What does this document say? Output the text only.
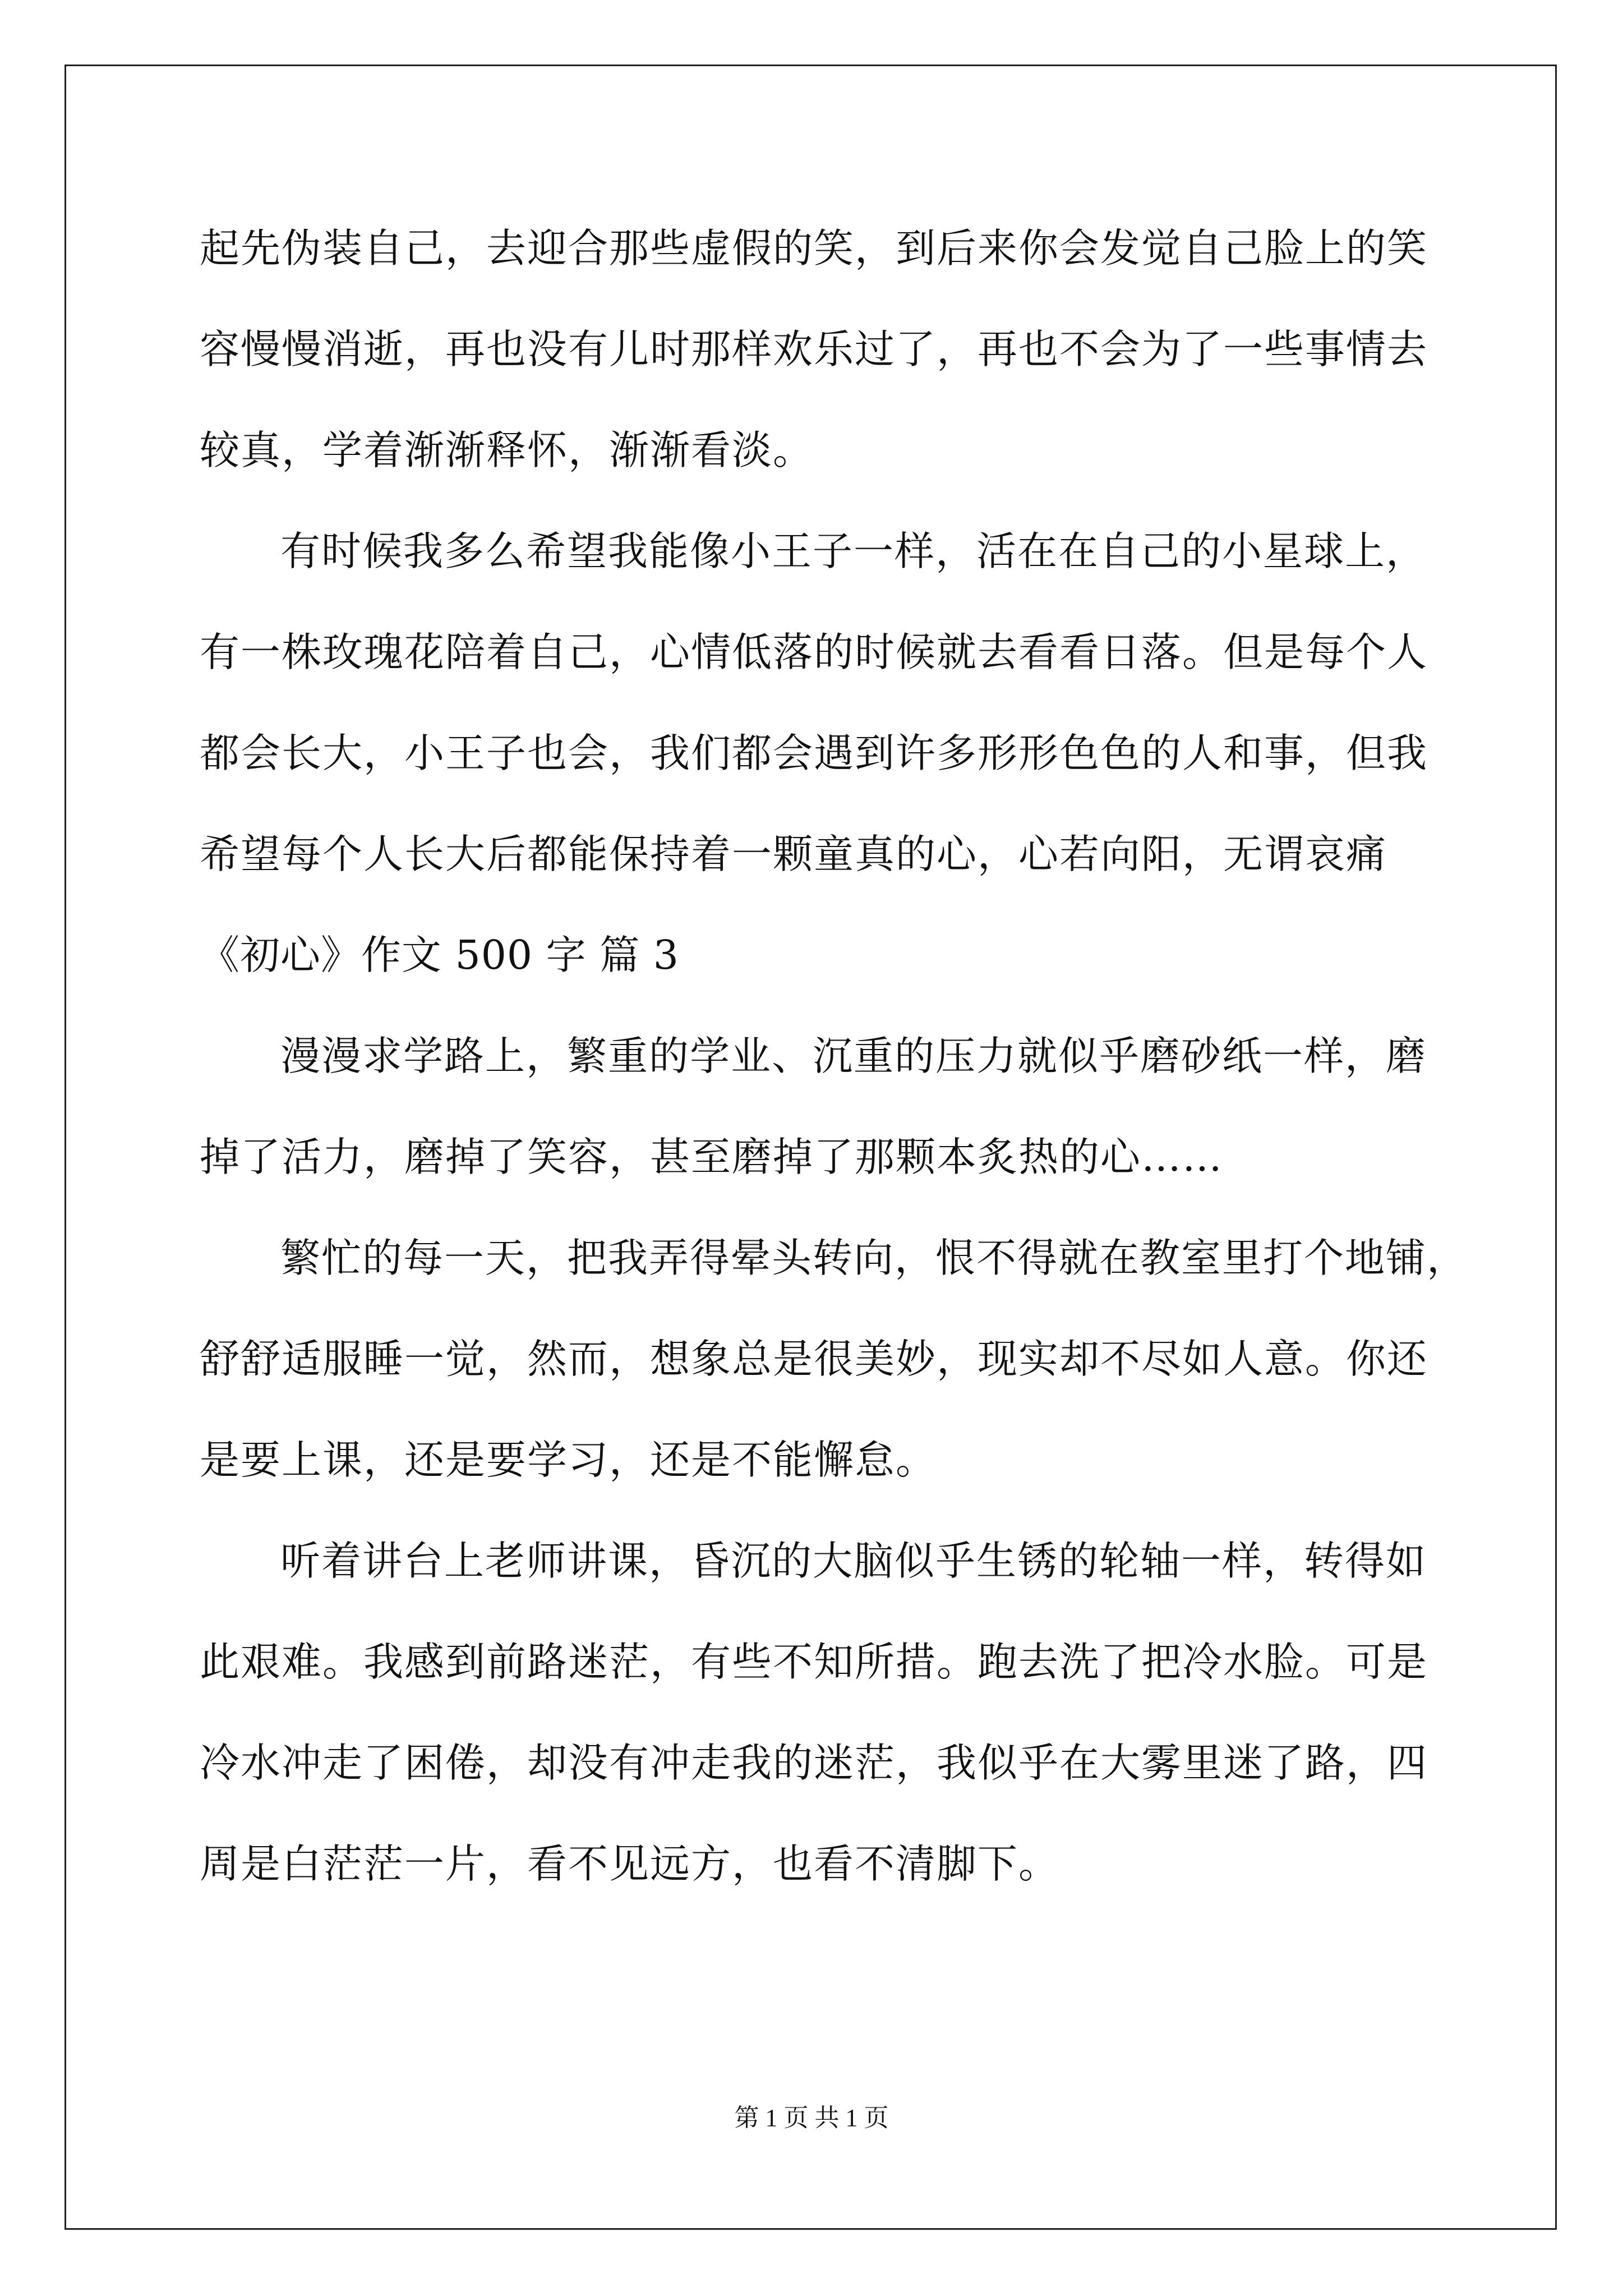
起先伪装自己，去迎合那些虚假的笑，到后来你会发觉自己脸上的笑
容慢慢消逝，再也没有儿时那样欢乐过了，再也不会为了一些事情去
较真，学着渐渐释怀，渐渐看淡。
有时候我多么希望我能像小王子一样，活在在自己的小星球上，
有一株玫瑰花陪着自己，心情低落的时候就去看看日落。但是每个人
都会长大，小王子也会，我们都会遇到许多形形色色的人和事，但我
希望每个人长大后都能保持着一颗童真的心，心若向阳，无谓哀痛
《初心》作文 500 字 篇 3
漫漫求学路上，繁重的学业、沉重的压力就似乎磨砂纸一样，磨
掉了活力，磨掉了笑容，甚至磨掉了那颗本炙热的心……
繁忙的每一天，把我弄得晕头转向，恨不得就在教室里打个地铺，
舒舒适服睡一觉，然而，想象总是很美妙，现实却不尽如人意。你还
是要上课，还是要学习，还是不能懈怠。
听着讲台上老师讲课，昏沉的大脑似乎生锈的轮轴一样，转得如
此艰难。我感到前路迷茫，有些不知所措。跑去洗了把冷水脸。可是
冷水冲走了困倦，却没有冲走我的迷茫，我似乎在大雾里迷了路，四
周是白茫茫一片，看不见远方，也看不清脚下。
第 1 页 共 1 页
